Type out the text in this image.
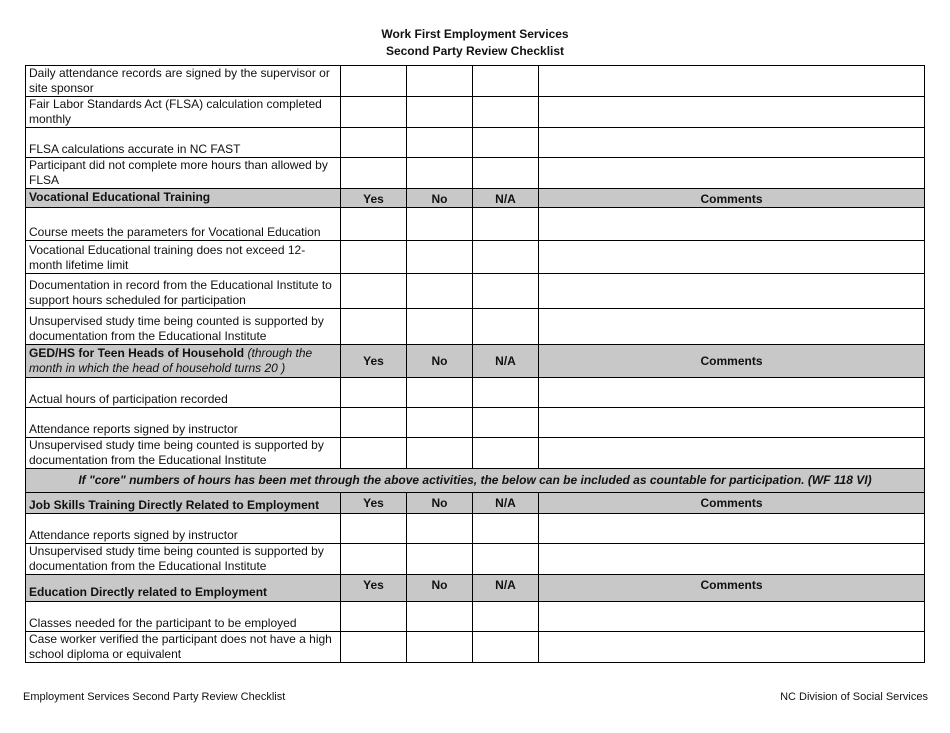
Work First Employment Services
Second Party Review Checklist
Daily attendance records are signed by the supervisor or site sponsor				
Fair Labor Standards Act (FLSA) calculation completed monthly				
FLSA calculations accurate in NC FAST				
Participant did not complete more hours than allowed by FLSA				
Vocational Educational Training	Yes	No	N/A	Comments
Course meets the parameters for Vocational Education				
Vocational Educational training does not exceed 12-month lifetime limit				
Documentation in record from the Educational Institute to support hours scheduled for participation				
Unsupervised study time being counted is supported by documentation from the Educational Institute				
GED/HS for Teen Heads of Household (through the month in which the head of household turns 20 )	Yes	No	N/A	Comments
Actual hours of participation recorded				
Attendance reports signed by instructor				
Unsupervised study time being counted is supported by documentation from the Educational Institute				
If "core" numbers of hours has been met through the above activities, the below can be included as countable for participation. (WF 118 VI)				
Job Skills Training Directly Related to Employment	Yes	No	N/A	Comments
Attendance reports signed by instructor				
Unsupervised study time being counted is supported by documentation from the Educational Institute				
Education Directly related to Employment	Yes	No	N/A	Comments
Classes needed for the participant to be employed				
Case worker verified the participant does not have a high school diploma or equivalent				
Employment Services Second Party Review Checklist	NC Division of Social Services
